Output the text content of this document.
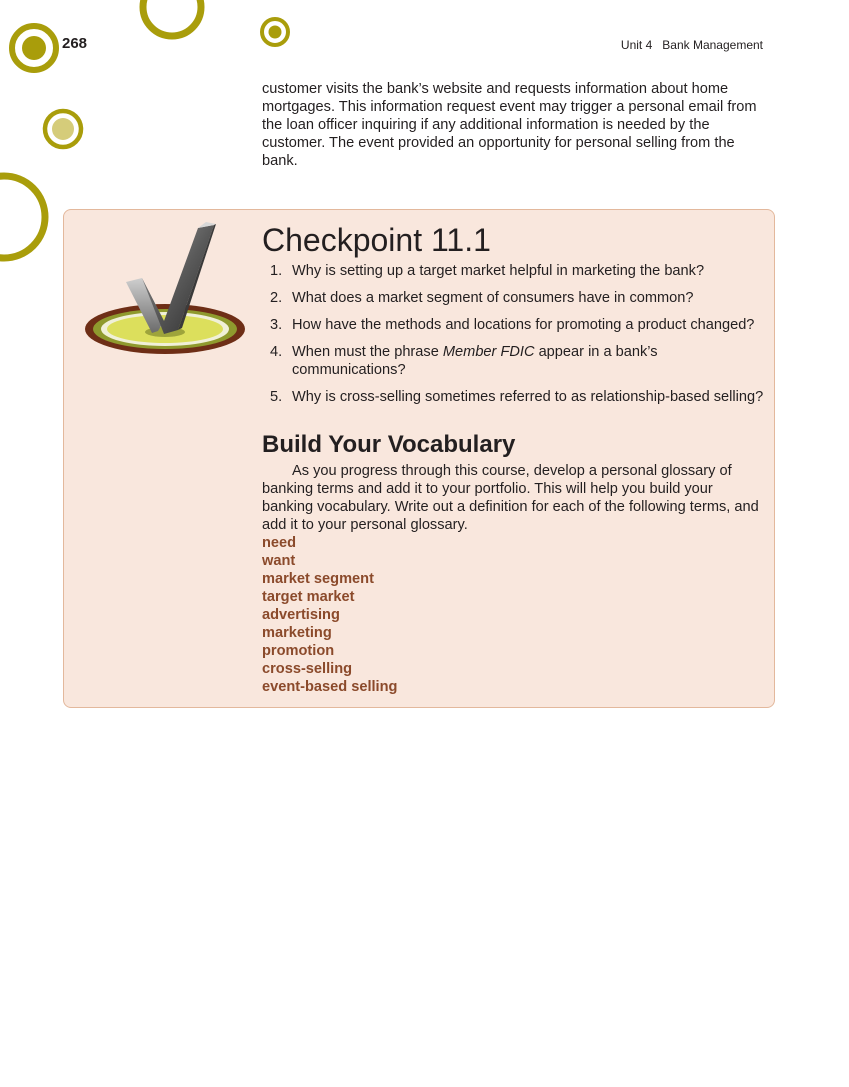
268	Unit 4 Bank Management

customer visits the bank’s website and requests information about home mortgages. This information request event may trigger a personal email from the loan officer inquiring if any additional information is needed by the customer. The event provided an opportunity for personal selling from the bank.

Checkpoint 11.1
1. Why is setting up a target market helpful in marketing the bank?
2. What does a market segment of consumers have in common?
3. How have the methods and locations for promoting a product changed?
4. When must the phrase Member FDIC appear in a bank’s communications?
5. Why is cross-selling sometimes referred to as relationship-based selling?
Build Your Vocabulary

As you progress through this course, develop a personal glossary of banking terms and add it to your portfolio. This will help you build your banking vocabulary. Write out a definition for each of the following terms, and add it to your personal glossary.

need
want
market segment
target market
advertising
marketing
promotion
cross-selling
event-based selling
